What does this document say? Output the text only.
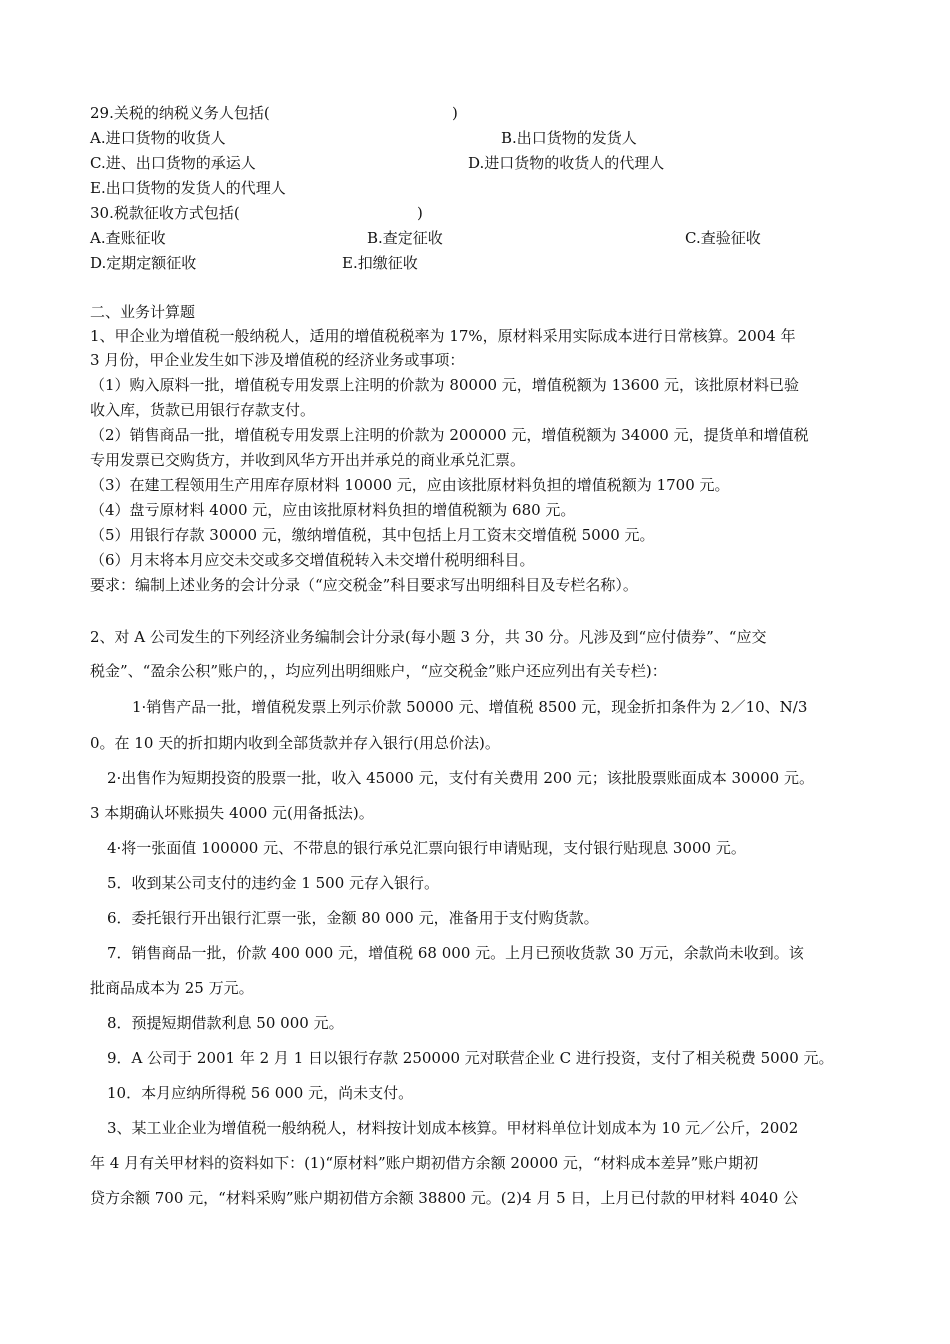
29.关税的纳税义务人包括(	)
A.进口货物的收货人	B.出口货物的发货人
C.进、出口货物的承运人	D.进口货物的收货人的代理人
E.出口货物的发货人的代理人
30.税款征收方式包括(	)
A.查账征收	B.查定征收	C.查验征收
D.定期定额征收	E.扣缴征收
二、业务计算题
1、甲企业为增值税一般纳税人，适用的增值税税率为 17%，原材料采用实际成本进行日常核算。2004 年
3 月份，甲企业发生如下涉及增值税的经济业务或事项：
（1）购入原料一批，增值税专用发票上注明的价款为 80000 元，增值税额为 13600 元，该批原材料已验
收入库，货款已用银行存款支付。
（2）销售商品一批，增值税专用发票上注明的价款为 200000 元，增值税额为 34000 元，提货单和增值税
专用发票已交购货方，并收到风华方开出并承兑的商业承兑汇票。
（3）在建工程领用生产用库存原材料 10000 元，应由该批原材料负担的增值税额为 1700 元。
（4）盘亏原材料 4000 元，应由该批原材料负担的增值税额为 680 元。
（5）用银行存款 30000 元，缴纳增值税，其中包括上月工资末交增值税 5000 元。
（6）月末将本月应交未交或多交增值税转入未交增什税明细科目。
要求：编制上述业务的会计分录（“应交税金”科目要求写出明细科目及专栏名称）。
2、对 A 公司发生的下列经济业务编制会计分录(每小题 3 分，共 30 分。凡涉及到“应付债券”、“应交
税金”、“盈余公积”账户的，，均应列出明细账户，“应交税金”账户还应列出有关专栏)：
1·销售产品一批，增值税发票上列示价款 50000 元、增值税 8500 元，现金折扣条件为 2／10、N/3
0。在 10 天的折扣期内收到全部货款并存入银行(用总价法)。
2·出售作为短期投资的股票一批，收入 45000 元，支付有关费用 200 元；该批股票账面成本 30000 元。
3 本期确认坏账损失 4000 元(用备抵法)。
4·将一张面值 100000 元、不带息的银行承兑汇票向银行申请贴现，支付银行贴现息 3000 元。
5．收到某公司支付的违约金 1 500 元存入银行。
6．委托银行开出银行汇票一张，金额 80 000 元，准备用于支付购货款。
7．销售商品一批，价款 400 000 元，增值税 68 000 元。上月已预收货款 30 万元，余款尚未收到。该
批商品成本为 25 万元。
8．预提短期借款利息 50 000 元。
9．A 公司于 2001 年 2 月 1 日以银行存款 250000 元对联营企业 C 进行投资，支付了相关税费 5000 元。
10．本月应纳所得税 56 000 元，尚未支付。
3、某工业企业为增值税一般纳税人，材料按计划成本核算。甲材料单位计划成本为 10 元／公斤，2002
年 4 月有关甲材料的资料如下：(1)“原材料”账户期初借方余额 20000 元，“材料成本差异”账户期初
贷方余额 700 元，“材料采购”账户期初借方余额 38800 元。(2)4 月 5 日，上月已付款的甲材料 4040 公
